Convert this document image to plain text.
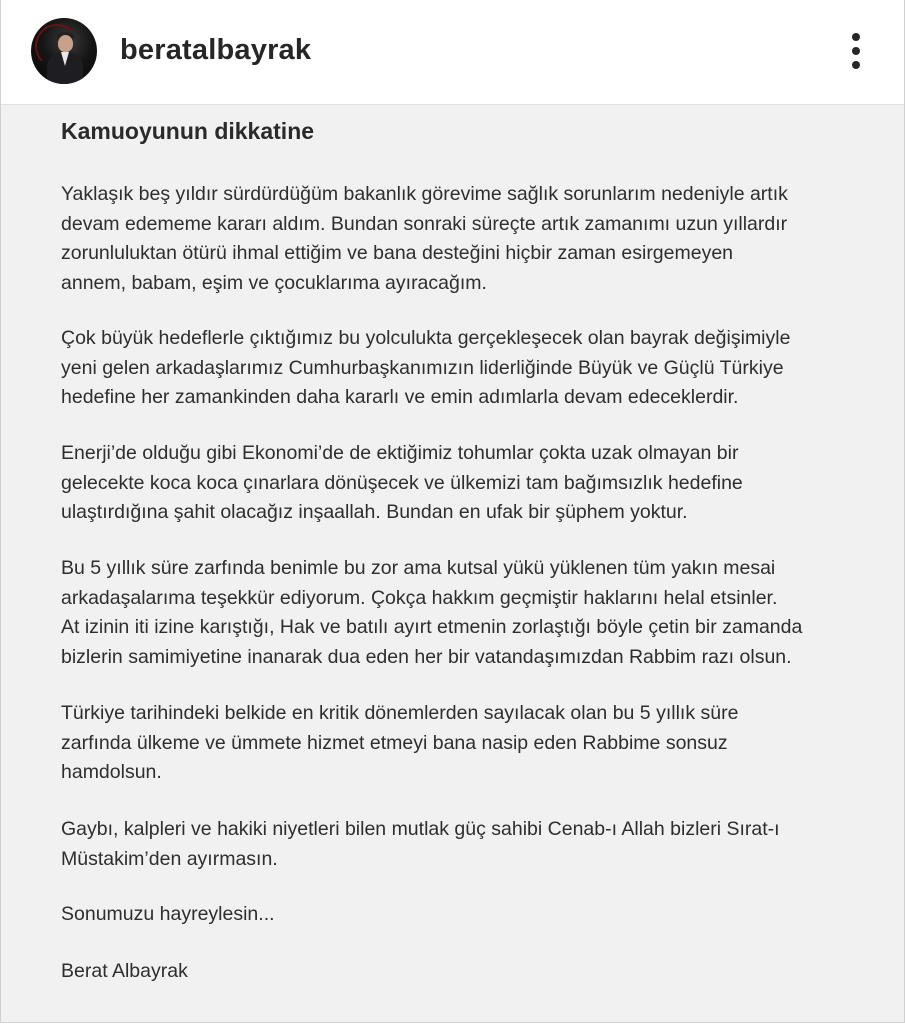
beratalbayrak
Kamuoyunun dikkatine

Yaklaşık beş yıldır sürdürdüğüm bakanlık görevime sağlık sorunlarım nedeniyle artık
devam edememe kararı aldım. Bundan sonraki süreçte artık zamanımı uzun yıllardır
zorunluluktan ötürü ihmal ettiğim ve bana desteğini hiçbir zaman esirgemeyen
annem, babam, eşim ve çocuklarıma ayıracağım.

Çok büyük hedeflerle çıktığımız bu yolculukta gerçekleşecek olan bayrak değişimiyle
yeni gelen arkadaşlarımız Cumhurbaşkanımızın liderliğinde Büyük ve Güçlü Türkiye
hedefine her zamankinden daha kararlı ve emin adımlarla devam edeceklerdir.

Enerji’de olduğu gibi Ekonomi’de de ektiğimiz tohumlar çokta uzak olmayan bir
gelecekte koca koca çınarlara dönüşecek ve ülkemizi tam bağımsızlık hedefine
ulaştırdığına şahit olacağız inşaallah. Bundan en ufak bir şüphem yoktur.

Bu 5 yıllık süre zarfında benimle bu zor ama kutsal yükü yüklenen tüm yakın mesai
arkadaşalarıma teşekkür ediyorum. Çokça hakkım geçmiştir haklarını helal etsinler.
At izinin iti izine karıştığı, Hak ve batılı ayırt etmenin zorlaştığı böyle çetin bir zamanda
bizlerin samimiyetine inanarak dua eden her bir vatandaşımızdan Rabbim razı olsun.

Türkiye tarihindeki belkide en kritik dönemlerden sayılacak olan bu 5 yıllık süre
zarfında ülkeme ve ümmete hizmet etmeyi bana nasip eden Rabbime sonsuz
hamdolsun.

Gaybı, kalpleri ve hakiki niyetleri bilen mutlak güç sahibi Cenab-ı Allah bizleri Sırat-ı
Müstakim’den ayırmasın.

Sonumuzu hayreylesin...

Berat Albayrak
